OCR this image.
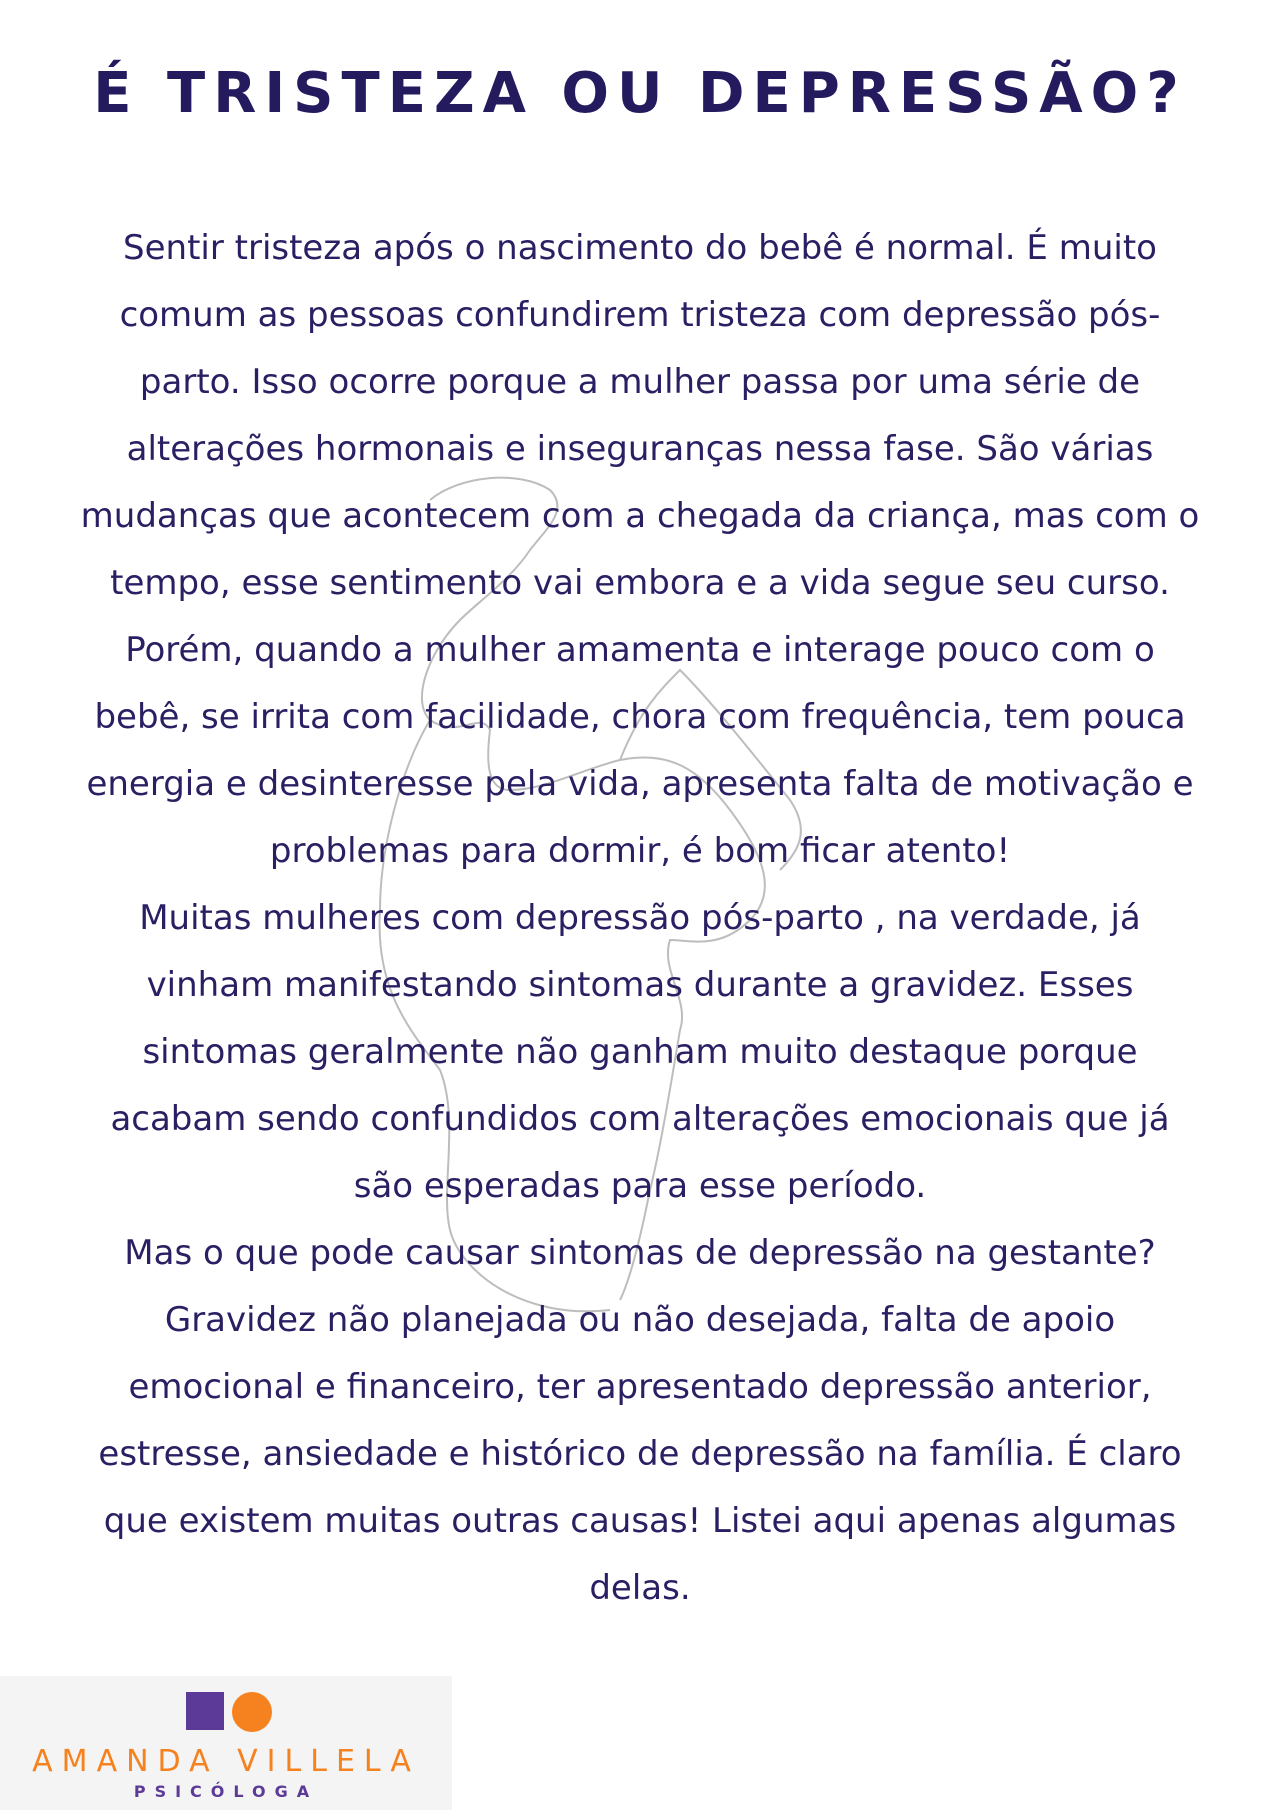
É TRISTEZA OU DEPRESSÃO?

Sentir tristeza após o nascimento do bebê é normal. É muito comum as pessoas confundirem tristeza com depressão pós-parto. Isso ocorre porque a mulher passa por uma série de alterações hormonais e inseguranças nessa fase. São várias mudanças que acontecem com a chegada da criança, mas com o tempo, esse sentimento vai embora e a vida segue seu curso.

Porém, quando a mulher amamenta e interage pouco com o bebê, se irrita com facilidade, chora com frequência, tem pouca energia e desinteresse pela vida, apresenta falta de motivação e problemas para dormir, é bom ficar atento!

Muitas mulheres com depressão pós-parto , na verdade, já vinham manifestando sintomas durante a gravidez. Esses sintomas geralmente não ganham muito destaque porque acabam sendo confundidos com alterações emocionais que já são esperadas para esse período.

Mas o que pode causar sintomas de depressão na gestante? Gravidez não planejada ou não desejada, falta de apoio emocional e financeiro, ter apresentado depressão anterior, estresse, ansiedade e histórico de depressão na família. É claro que existem muitas outras causas! Listei aqui apenas algumas delas.

AMANDA VILLELA
PSICÓLOGA
